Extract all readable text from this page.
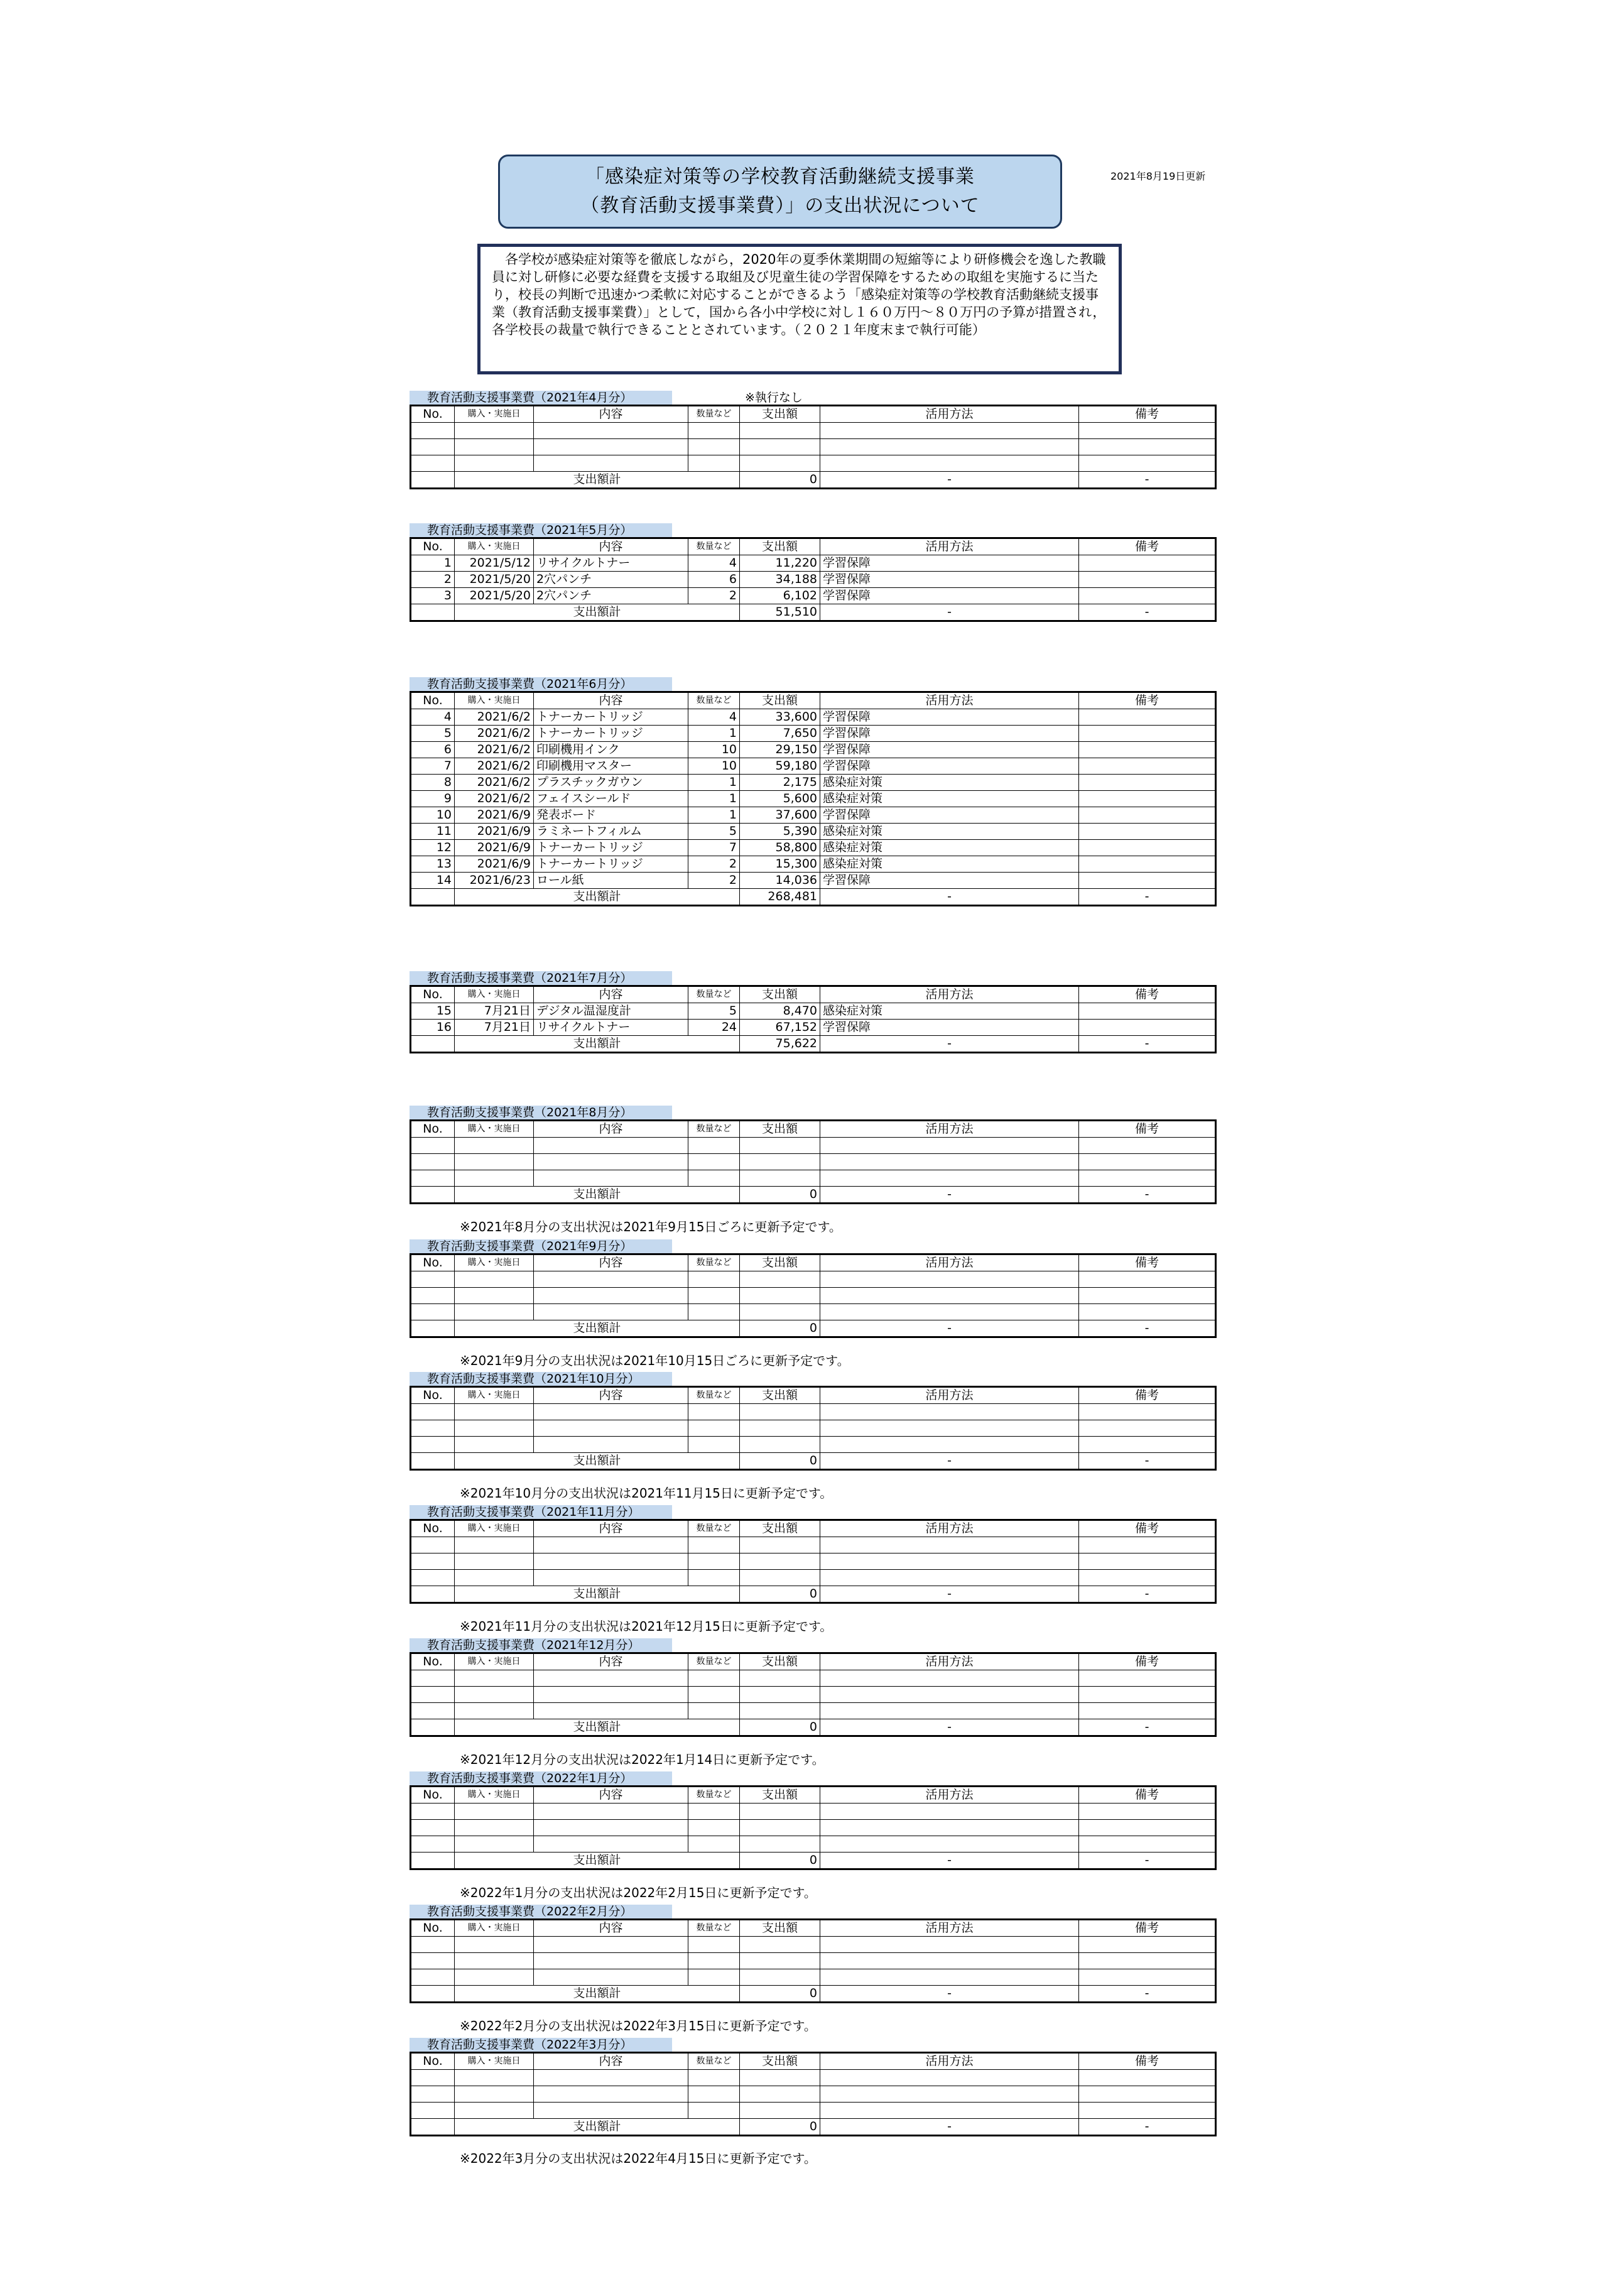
「感染症対策等の学校教育活動継続支援事業
（教育活動支援事業費）」の支出状況について
2021年8月19日更新
各学校が感染症対策等を徹底しながら，2020年の夏季休業期間の短縮等により研修機会を逸した教職員に対し研修に必要な経費を支援する取組及び児童生徒の学習保障をするための取組を実施するに当たり，校長の判断で迅速かつ柔軟に対応することができるよう「感染症対策等の学校教育活動継続支援事業（教育活動支援事業費）」として，国から各小中学校に対し１６０万円～８０万円の予算が措置され，各学校長の裁量で執行できることとされています。（２０２１年度末まで執行可能）
教育活動支援事業費（2021年4月分）	※執行なし
No.	購入・実施日	内容	数量など	支出額	活用方法	備考

	支出額計			0	-	-
教育活動支援事業費（2021年5月分）
No.	購入・実施日	内容	数量など	支出額	活用方法	備考
1	2021/5/12	リサイクルトナー	4	11,220	学習保障	
2	2021/5/20	2穴パンチ	6	34,188	学習保障	
3	2021/5/20	2穴パンチ	2	6,102	学習保障	
	支出額計			51,510	-	-
教育活動支援事業費（2021年6月分）
No.	購入・実施日	内容	数量など	支出額	活用方法	備考
4	2021/6/2	トナーカートリッジ	4	33,600	学習保障	
5	2021/6/2	トナーカートリッジ	1	7,650	学習保障	
6	2021/6/2	印刷機用インク	10	29,150	学習保障	
7	2021/6/2	印刷機用マスター	10	59,180	学習保障	
8	2021/6/2	プラスチックガウン	1	2,175	感染症対策	
9	2021/6/2	フェイスシールド	1	5,600	感染症対策	
10	2021/6/9	発表ボード	1	37,600	学習保障	
11	2021/6/9	ラミネートフィルム	5	5,390	感染症対策	
12	2021/6/9	トナーカートリッジ	7	58,800	感染症対策	
13	2021/6/9	トナーカートリッジ	2	15,300	感染症対策	
14	2021/6/23	ロール紙	2	14,036	学習保障	
	支出額計			268,481	-	-
教育活動支援事業費（2021年7月分）
No.	購入・実施日	内容	数量など	支出額	活用方法	備考
15	7月21日	デジタル温湿度計	5	8,470	感染症対策	
16	7月21日	リサイクルトナー	24	67,152	学習保障	
	支出額計			75,622	-	-
教育活動支援事業費（2021年8月分）
No.	購入・実施日	内容	数量など	支出額	活用方法	備考

	支出額計			0	-	-
※2021年8月分の支出状況は2021年9月15日ごろに更新予定です。
教育活動支援事業費（2021年9月分）
No.	購入・実施日	内容	数量など	支出額	活用方法	備考

	支出額計			0	-	-
※2021年9月分の支出状況は2021年10月15日ごろに更新予定です。
教育活動支援事業費（2021年10月分）
No.	購入・実施日	内容	数量など	支出額	活用方法	備考

	支出額計			0	-	-
※2021年10月分の支出状況は2021年11月15日に更新予定です。
教育活動支援事業費（2021年11月分）
No.	購入・実施日	内容	数量など	支出額	活用方法	備考

	支出額計			0	-	-
※2021年11月分の支出状況は2021年12月15日に更新予定です。
教育活動支援事業費（2021年12月分）
No.	購入・実施日	内容	数量など	支出額	活用方法	備考

	支出額計			0	-	-
※2021年12月分の支出状況は2022年1月14日に更新予定です。
教育活動支援事業費（2022年1月分）
No.	購入・実施日	内容	数量など	支出額	活用方法	備考

	支出額計			0	-	-
※2022年1月分の支出状況は2022年2月15日に更新予定です。
教育活動支援事業費（2022年2月分）
No.	購入・実施日	内容	数量など	支出額	活用方法	備考

	支出額計			0	-	-
※2022年2月分の支出状況は2022年3月15日に更新予定です。
教育活動支援事業費（2022年3月分）
No.	購入・実施日	内容	数量など	支出額	活用方法	備考

	支出額計			0	-	-
※2022年3月分の支出状況は2022年4月15日に更新予定です。
